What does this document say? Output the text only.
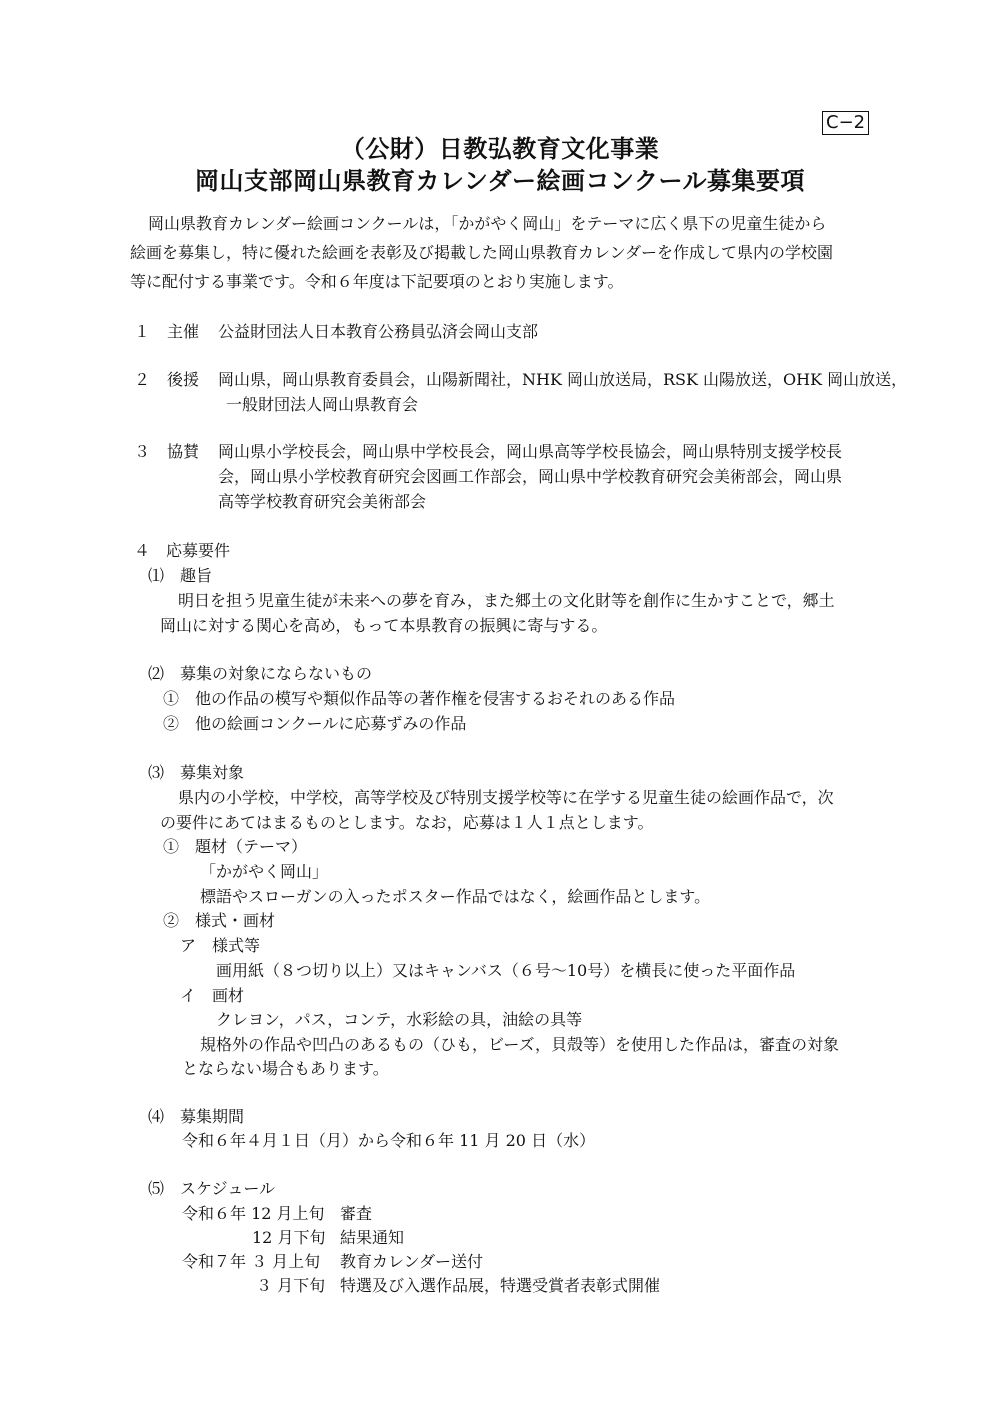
C−2
（公財）日教弘教育文化事業
岡山支部岡山県教育カレンダー絵画コンクール募集要項
岡山県教育カレンダー絵画コンクールは，「かがやく岡山」をテーマに広く県下の児童生徒から
絵画を募集し，特に優れた絵画を表彰及び掲載した岡山県教育カレンダーを作成して県内の学校園
等に配付する事業です。令和６年度は下記要項のとおり実施します。
１ 主催 公益財団法人日本教育公務員弘済会岡山支部
２ 後援 岡山県，岡山県教育委員会，山陽新聞社，NHK 岡山放送局，RSK 山陽放送，OHK 岡山放送，
一般財団法人岡山県教育会
３ 協賛 岡山県小学校長会，岡山県中学校長会，岡山県高等学校長協会，岡山県特別支援学校長
会，岡山県小学校教育研究会図画工作部会，岡山県中学校教育研究会美術部会，岡山県
高等学校教育研究会美術部会
４　応募要件
⑴　趣旨
明日を担う児童生徒が未来への夢を育み，また郷土の文化財等を創作に生かすことで，郷土
岡山に対する関心を高め，もって本県教育の振興に寄与する。
⑵　募集の対象にならないもの
①　他の作品の模写や類似作品等の著作権を侵害するおそれのある作品
②　他の絵画コンクールに応募ずみの作品
⑶　募集対象
県内の小学校，中学校，高等学校及び特別支援学校等に在学する児童生徒の絵画作品で，次
の要件にあてはまるものとします。なお，応募は１人１点とします。
①　題材（テーマ）
「かがやく岡山」
標語やスローガンの入ったポスター作品ではなく，絵画作品とします。
②　様式・画材
ア　様式等
画用紙（８つ切り以上）又はキャンバス（６号〜10号）を横長に使った平面作品
イ　画材
クレヨン，パス，コンテ，水彩絵の具，油絵の具等
規格外の作品や凹凸のあるもの（ひも，ビーズ，貝殻等）を使用した作品は，審査の対象
とならない場合もあります。
⑷　募集期間
令和６年４月１日（月）から令和６年 11 月 20 日（水）
⑸　スケジュール
令和６年 12 月上旬 審査
12 月下旬 結果通知
令和７年 ３ 月上旬 教育カレンダー送付
３ 月下旬 特選及び入選作品展，特選受賞者表彰式開催
